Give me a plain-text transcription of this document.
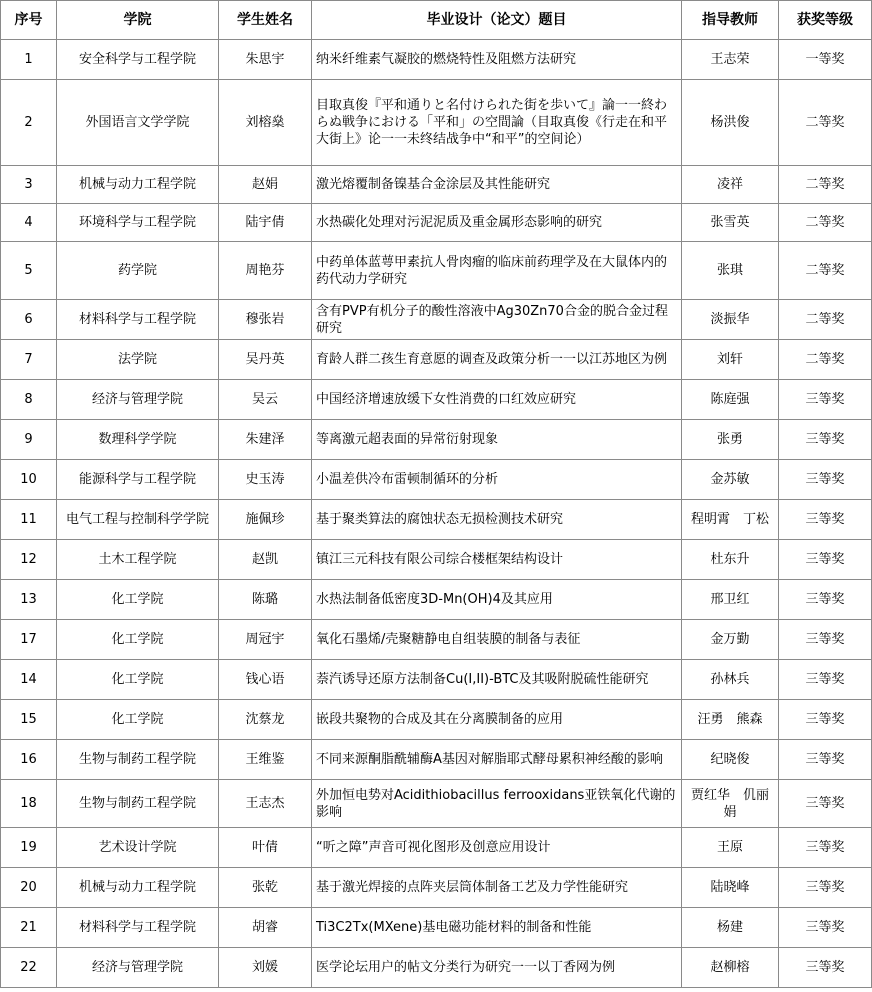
序号	学院	学生姓名	毕业设计（论文）题目	指导教师	获奖等级
1	安全科学与工程学院	朱思宇	纳米纤维素气凝胶的燃烧特性及阻燃方法研究	王志荣	一等奖
2	外国语言文学学院	刘榕燊	目取真俊『平和通りと名付けられた街を歩いて』論一一終わらぬ戦争における「平和」の空間論（目取真俊《行走在和平大街上》论一一未终结战争中“和平”的空间论）	杨洪俊	二等奖
3	机械与动力工程学院	赵娟	激光熔覆制备镍基合金涂层及其性能研究	凌祥	二等奖
4	环境科学与工程学院	陆宇倩	水热碳化处理对污泥泥质及重金属形态影响的研究	张雪英	二等奖
5	药学院	周艳芬	中药单体蓝萼甲素抗人骨肉瘤的临床前药理学及在大鼠体内的药代动力学研究	张琪	二等奖
6	材料科学与工程学院	穆张岩	含有PVP有机分子的酸性溶液中Ag30Zn70合金的脱合金过程研究	淡振华	二等奖
7	法学院	吴丹英	育龄人群二孩生育意愿的调查及政策分析一一以江苏地区为例	刘轩	二等奖
8	经济与管理学院	吴云	中国经济增速放缓下女性消费的口红效应研究	陈庭强	三等奖
9	数理科学学院	朱建泽	等离激元超表面的异常衍射现象	张勇	三等奖
10	能源科学与工程学院	史玉涛	小温差供冷布雷顿制循环的分析	金苏敏	三等奖
11	电气工程与控制科学学院	施佩珍	基于聚类算法的腐蚀状态无损检测技术研究	程明霄　丁松	三等奖
12	土木工程学院	赵凯	镇江三元科技有限公司综合楼框架结构设计	杜东升	三等奖
13	化工学院	陈璐	水热法制备低密度3D-Mn(OH)4及其应用	邢卫红	三等奖
17	化工学院	周冠宇	氧化石墨烯/壳聚糖静电自组装膜的制备与表征	金万勤	三等奖
14	化工学院	钱心语	萘汽诱导还原方法制备Cu(I,II)-BTC及其吸附脱硫性能研究	孙林兵	三等奖
15	化工学院	沈蔡龙	嵌段共聚物的合成及其在分离膜制备的应用	汪勇　熊森	三等奖
16	生物与制药工程学院	王维鉴	不同来源酮脂酰辅酶A基因对解脂耶式酵母累积神经酸的影响	纪晓俊	三等奖
18	生物与制药工程学院	王志杰	外加恒电势对Acidithiobacillus ferrooxidans亚铁氧化代谢的影响	贾红华　仉丽娟	三等奖
19	艺术设计学院	叶倩	“听之障”声音可视化图形及创意应用设计	王原	三等奖
20	机械与动力工程学院	张乾	基于激光焊接的点阵夹层筒体制备工艺及力学性能研究	陆晓峰	三等奖
21	材料科学与工程学院	胡睿	Ti3C2Tx(MXene)基电磁功能材料的制备和性能	杨建	三等奖
22	经济与管理学院	刘媛	医学论坛用户的帖文分类行为研究一一以丁香网为例	赵柳榕	三等奖
